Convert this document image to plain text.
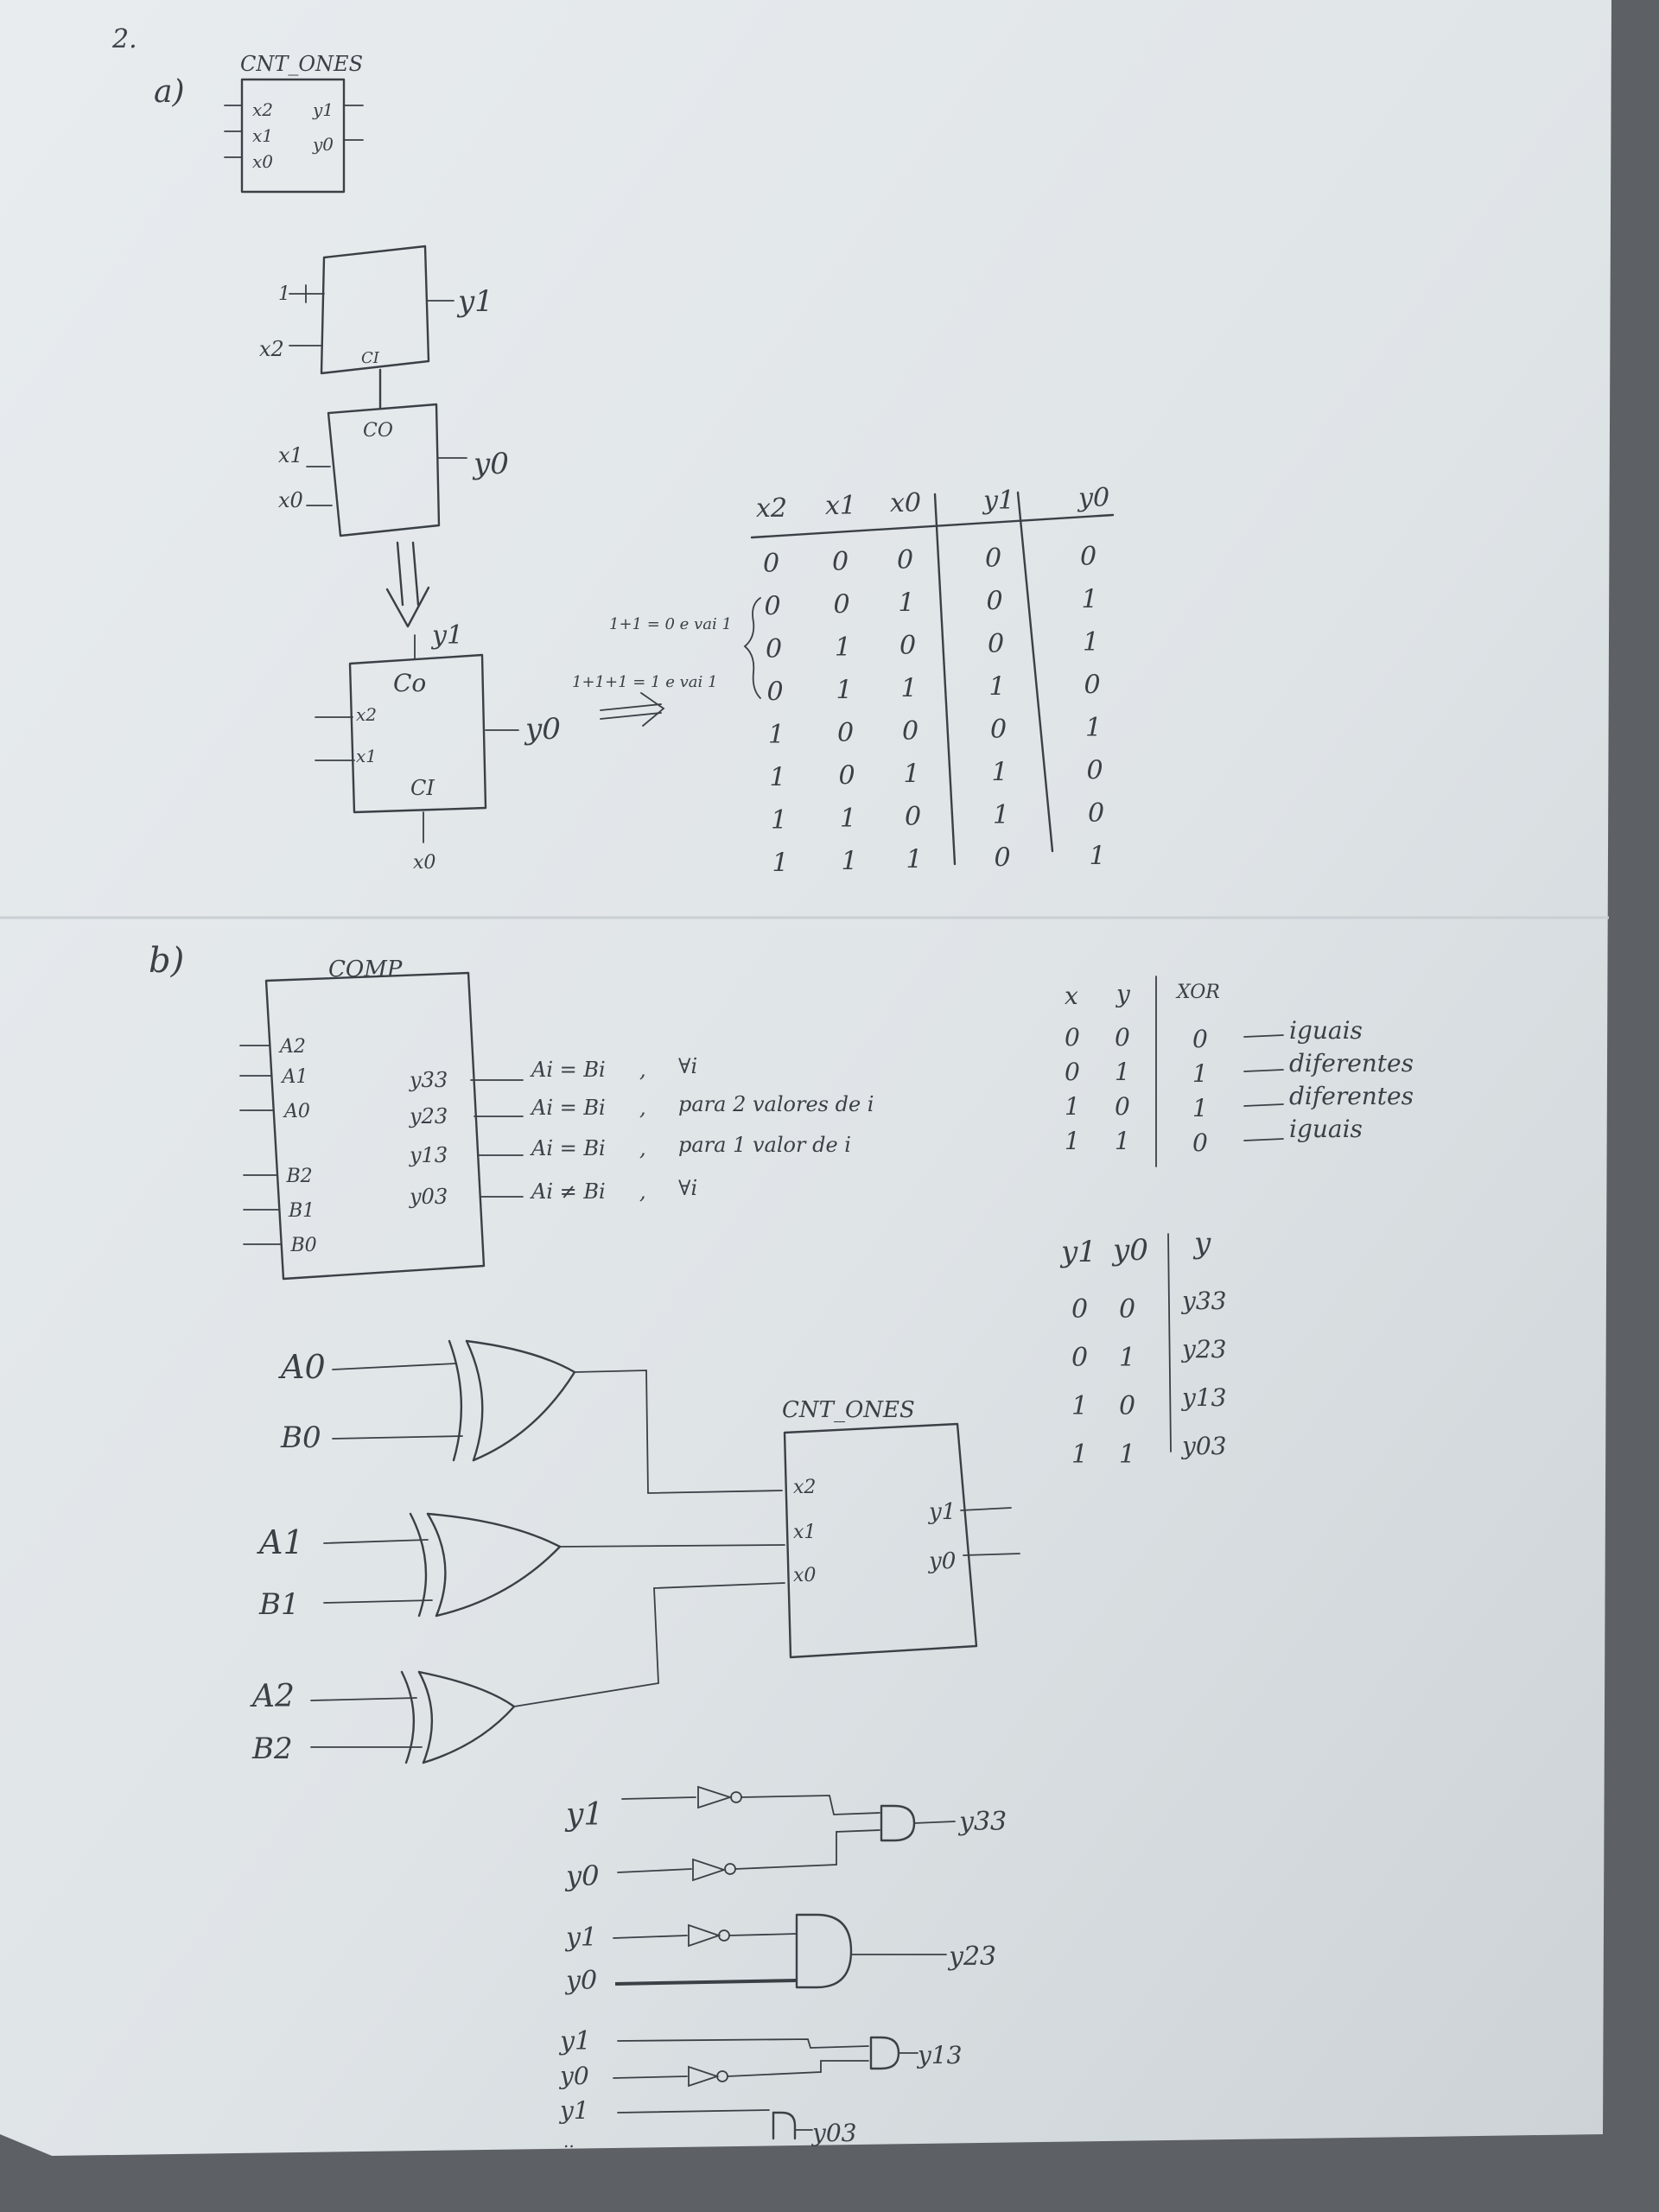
2.
a)
CNT_ONES
x2
x1
x0
y1
y0
1
x2
y1
CI
CO
x1
x0
y0
y1
Co
x2
x1
y0
CI
x0
1+1 = 0 e vai 1
1+1+1 = 1 e vai 1
x2 x1 x0 y1 y0
0 0 0	0	0
0 0 1	0	1
0 1 0	0	1
0 1 1	1	0
1 0 0	0	1
1 0 1	1	0
1 1 0	1	0
1 1 1	0	1
b)	COMP
A2
A1
A0
B2
B1
B0
y33	Ai = Bi , ∀i
y23	Ai = Bi , para 2 valores de i
y13	Ai = Bi , para 1 valor de i
y03	Ai ≠ Bi , ∀i
x y XOR
0 0	0	iguais
0 1	1	diferentes
1 0	1	diferentes
1 1	0	iguais
y1 y0 y
0 0 y33
0 1 y23
1 0 y13
1 1 y03
A0
B0
A1
B1
A2
B2
CNT_ONES
x2
x1
x0
y1
y0
y1
y0
y33
y1
y0
y23
y1
y0
y13
y1
..	y03
